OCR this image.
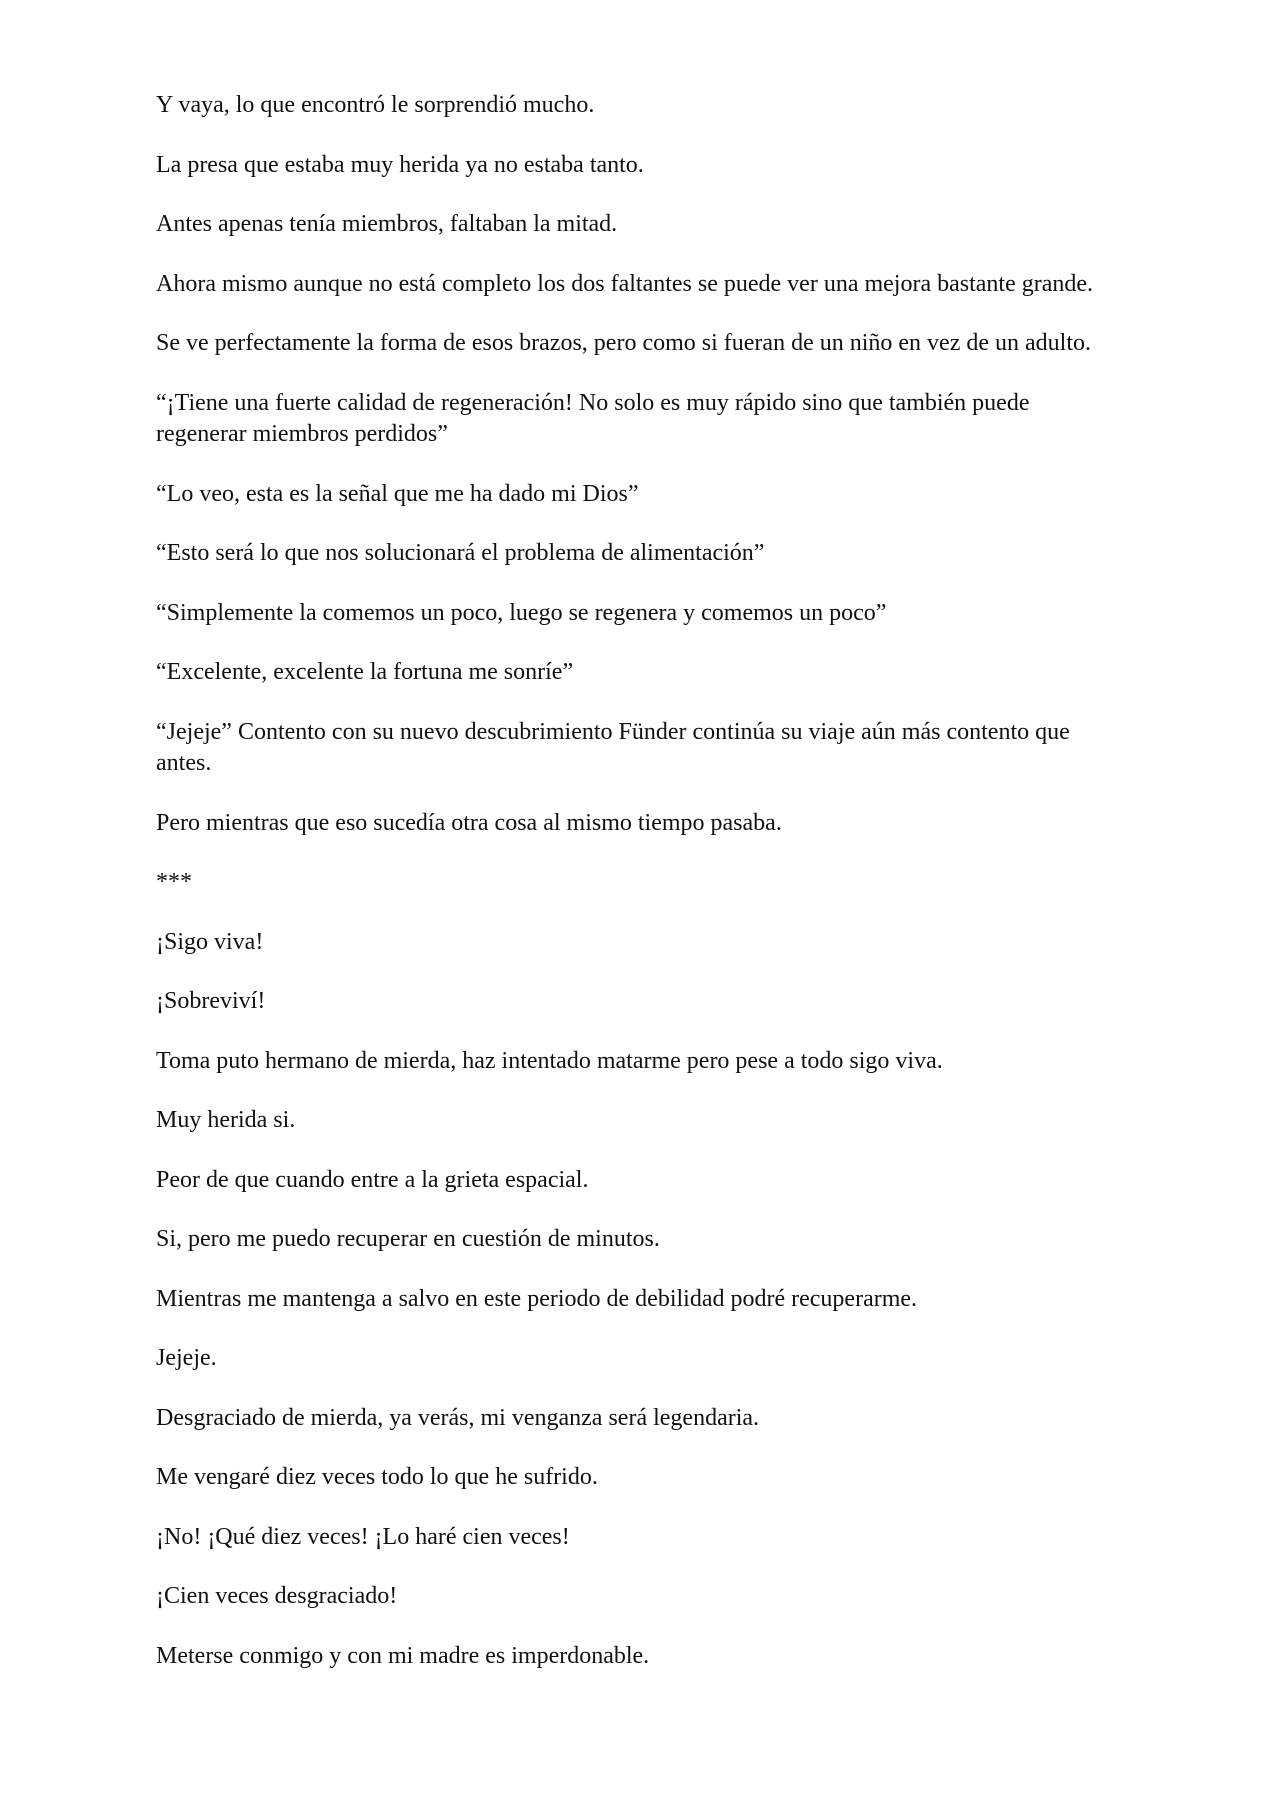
Y vaya, lo que encontró le sorprendió mucho.

La presa que estaba muy herida ya no estaba tanto.

Antes apenas tenía miembros, faltaban la mitad.

Ahora mismo aunque no está completo los dos faltantes se puede ver una mejora bastante grande.

Se ve perfectamente la forma de esos brazos, pero como si fueran de un niño en vez de un adulto.

“¡Tiene una fuerte calidad de regeneración! No solo es muy rápido sino que también puede regenerar miembros perdidos”

“Lo veo, esta es la señal que me ha dado mi Dios”

“Esto será lo que nos solucionará el problema de alimentación”

“Simplemente la comemos un poco, luego se regenera y comemos un poco”

“Excelente, excelente la fortuna me sonríe”

“Jejeje” Contento con su nuevo descubrimiento Fünder continúa su viaje aún más contento que antes.

Pero mientras que eso sucedía otra cosa al mismo tiempo pasaba.

***

¡Sigo viva!

¡Sobreviví!

Toma puto hermano de mierda, haz intentado matarme pero pese a todo sigo viva.

Muy herida si.

Peor de que cuando entre a la grieta espacial.

Si, pero me puedo recuperar en cuestión de minutos.

Mientras me mantenga a salvo en este periodo de debilidad podré recuperarme.

Jejeje.

Desgraciado de mierda, ya verás, mi venganza será legendaria.

Me vengaré diez veces todo lo que he sufrido.

¡No! ¡Qué diez veces! ¡Lo haré cien veces!

¡Cien veces desgraciado!

Meterse conmigo y con mi madre es imperdonable.
